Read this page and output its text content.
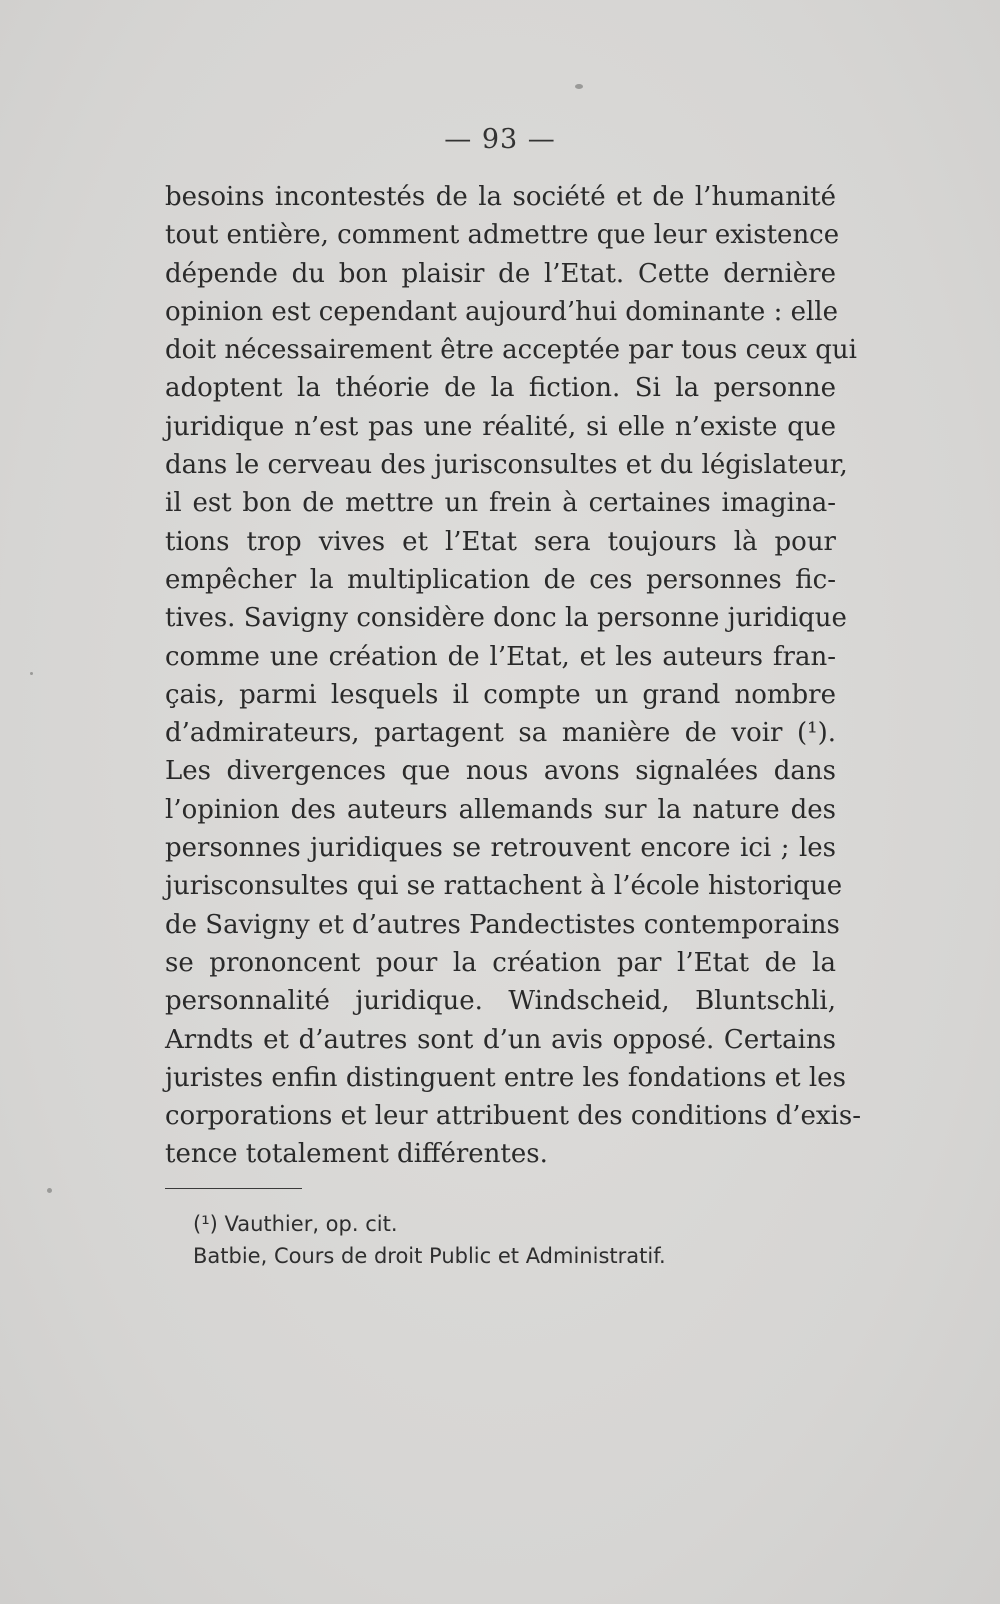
— 93 —
besoins incontestés de la société et de l’humanité
tout entière, comment admettre que leur existence
dépende du bon plaisir de l’Etat. Cette dernière
opinion est cependant aujourd’hui dominante : elle
doit nécessairement être acceptée par tous ceux qui
adoptent la théorie de la fiction. Si la personne
juridique n’est pas une réalité, si elle n’existe que
dans le cerveau des jurisconsultes et du législateur,
il est bon de mettre un frein à certaines imagina-
tions trop vives et l’Etat sera toujours là pour
empêcher la multiplication de ces personnes fic-
tives. Savigny considère donc la personne juridique
comme une création de l’Etat, et les auteurs fran-
çais, parmi lesquels il compte un grand nombre
d’admirateurs, partagent sa manière de voir (¹).
Les divergences que nous avons signalées dans
l’opinion des auteurs allemands sur la nature des
personnes juridiques se retrouvent encore ici ; les
jurisconsultes qui se rattachent à l’école historique
de Savigny et d’autres Pandectistes contemporains
se prononcent pour la création par l’Etat de la
personnalité juridique. Windscheid, Bluntschli,
Arndts et d’autres sont d’un avis opposé. Certains
juristes enfin distinguent entre les fondations et les
corporations et leur attribuent des conditions d’exis-
tence totalement différentes.
(¹) Vauthier, op. cit.
Batbie, Cours de droit Public et Administratif.
